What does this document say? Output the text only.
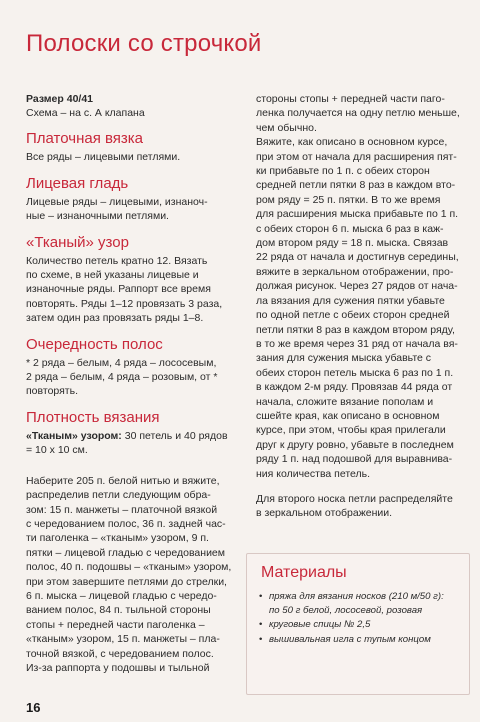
Полоски со строчкой
Размер 40/41
Схема – на с. А клапана
Платочная вязка
Все ряды – лицевыми петлями.
Лицевая гладь
Лицевые ряды – лицевыми, изнаноч-
ные – изнаночными петлями.
«Тканый» узор
Количество петель кратно 12. Вязать
по схеме, в ней указаны лицевые и
изнаночные ряды. Раппорт все время
повторять. Ряды 1–12 провязать 3 раза,
затем один раз провязать ряды 1–8.
Очередность полос
* 2 ряда – белым, 4 ряда – лососевым,
2 ряда – белым, 4 ряда – розовым, от *
повторять.
Плотность вязания
«Тканым» узором: 30 петель и 40 рядов
= 10 x 10 см.
Наберите 205 п. белой нитью и вяжите,
распределив петли следующим обра-
зом: 15 п. манжеты – платочной вязкой
с чередованием полос, 36 п. задней час-
ти паголенка – «тканым» узором, 9 п.
пятки – лицевой гладью с чередованием
полос, 40 п. подошвы – «тканым» узором,
при этом завершите петлями до стрелки,
6 п. мыска – лицевой гладью с чередо-
ванием полос, 84 п. тыльной стороны
стопы + передней части паголенка –
«тканым» узором, 15 п. манжеты – пла-
точной вязкой, с чередованием полос.
Из-за раппорта у подошвы и тыльной
стороны стопы + передней части паго-
ленка получается на одну петлю меньше,
чем обычно.
Вяжите, как описано в основном курсе,
при этом от начала для расширения пят-
ки прибавьте по 1 п. с обеих сторон
средней петли пятки 8 раз в каждом вто-
ром ряду = 25 п. пятки. В то же время
для расширения мыска прибавьте по 1 п.
с обеих сторон 6 п. мыска 6 раз в каж-
дом втором ряду = 18 п. мыска. Связав
22 ряда от начала и достигнув середины,
вяжите в зеркальном отображении, про-
должая рисунок. Через 27 рядов от нача-
ла вязания для сужения пятки убавьте
по одной петле с обеих сторон средней
петли пятки 8 раз в каждом втором ряду,
в то же время через 31 ряд от начала вя-
зания для сужения мыска убавьте с
обеих сторон петель мыска 6 раз по 1 п.
в каждом 2-м ряду. Провязав 44 ряда от
начала, сложите вязание пополам и
сшейте края, как описано в основном
курсе, при этом, чтобы края прилегали
друг к другу ровно, убавьте в последнем
ряду 1 п. над подошвой для выравнива-
ния количества петель.
Для второго носка петли распределяйте
в зеркальном отображении.
Материалы
• пряжа для вязания носков (210 м/50 г):
по 50 г белой, лососевой, розовая
• круговые спицы № 2,5
• вышивальная игла с тупым концом
16
